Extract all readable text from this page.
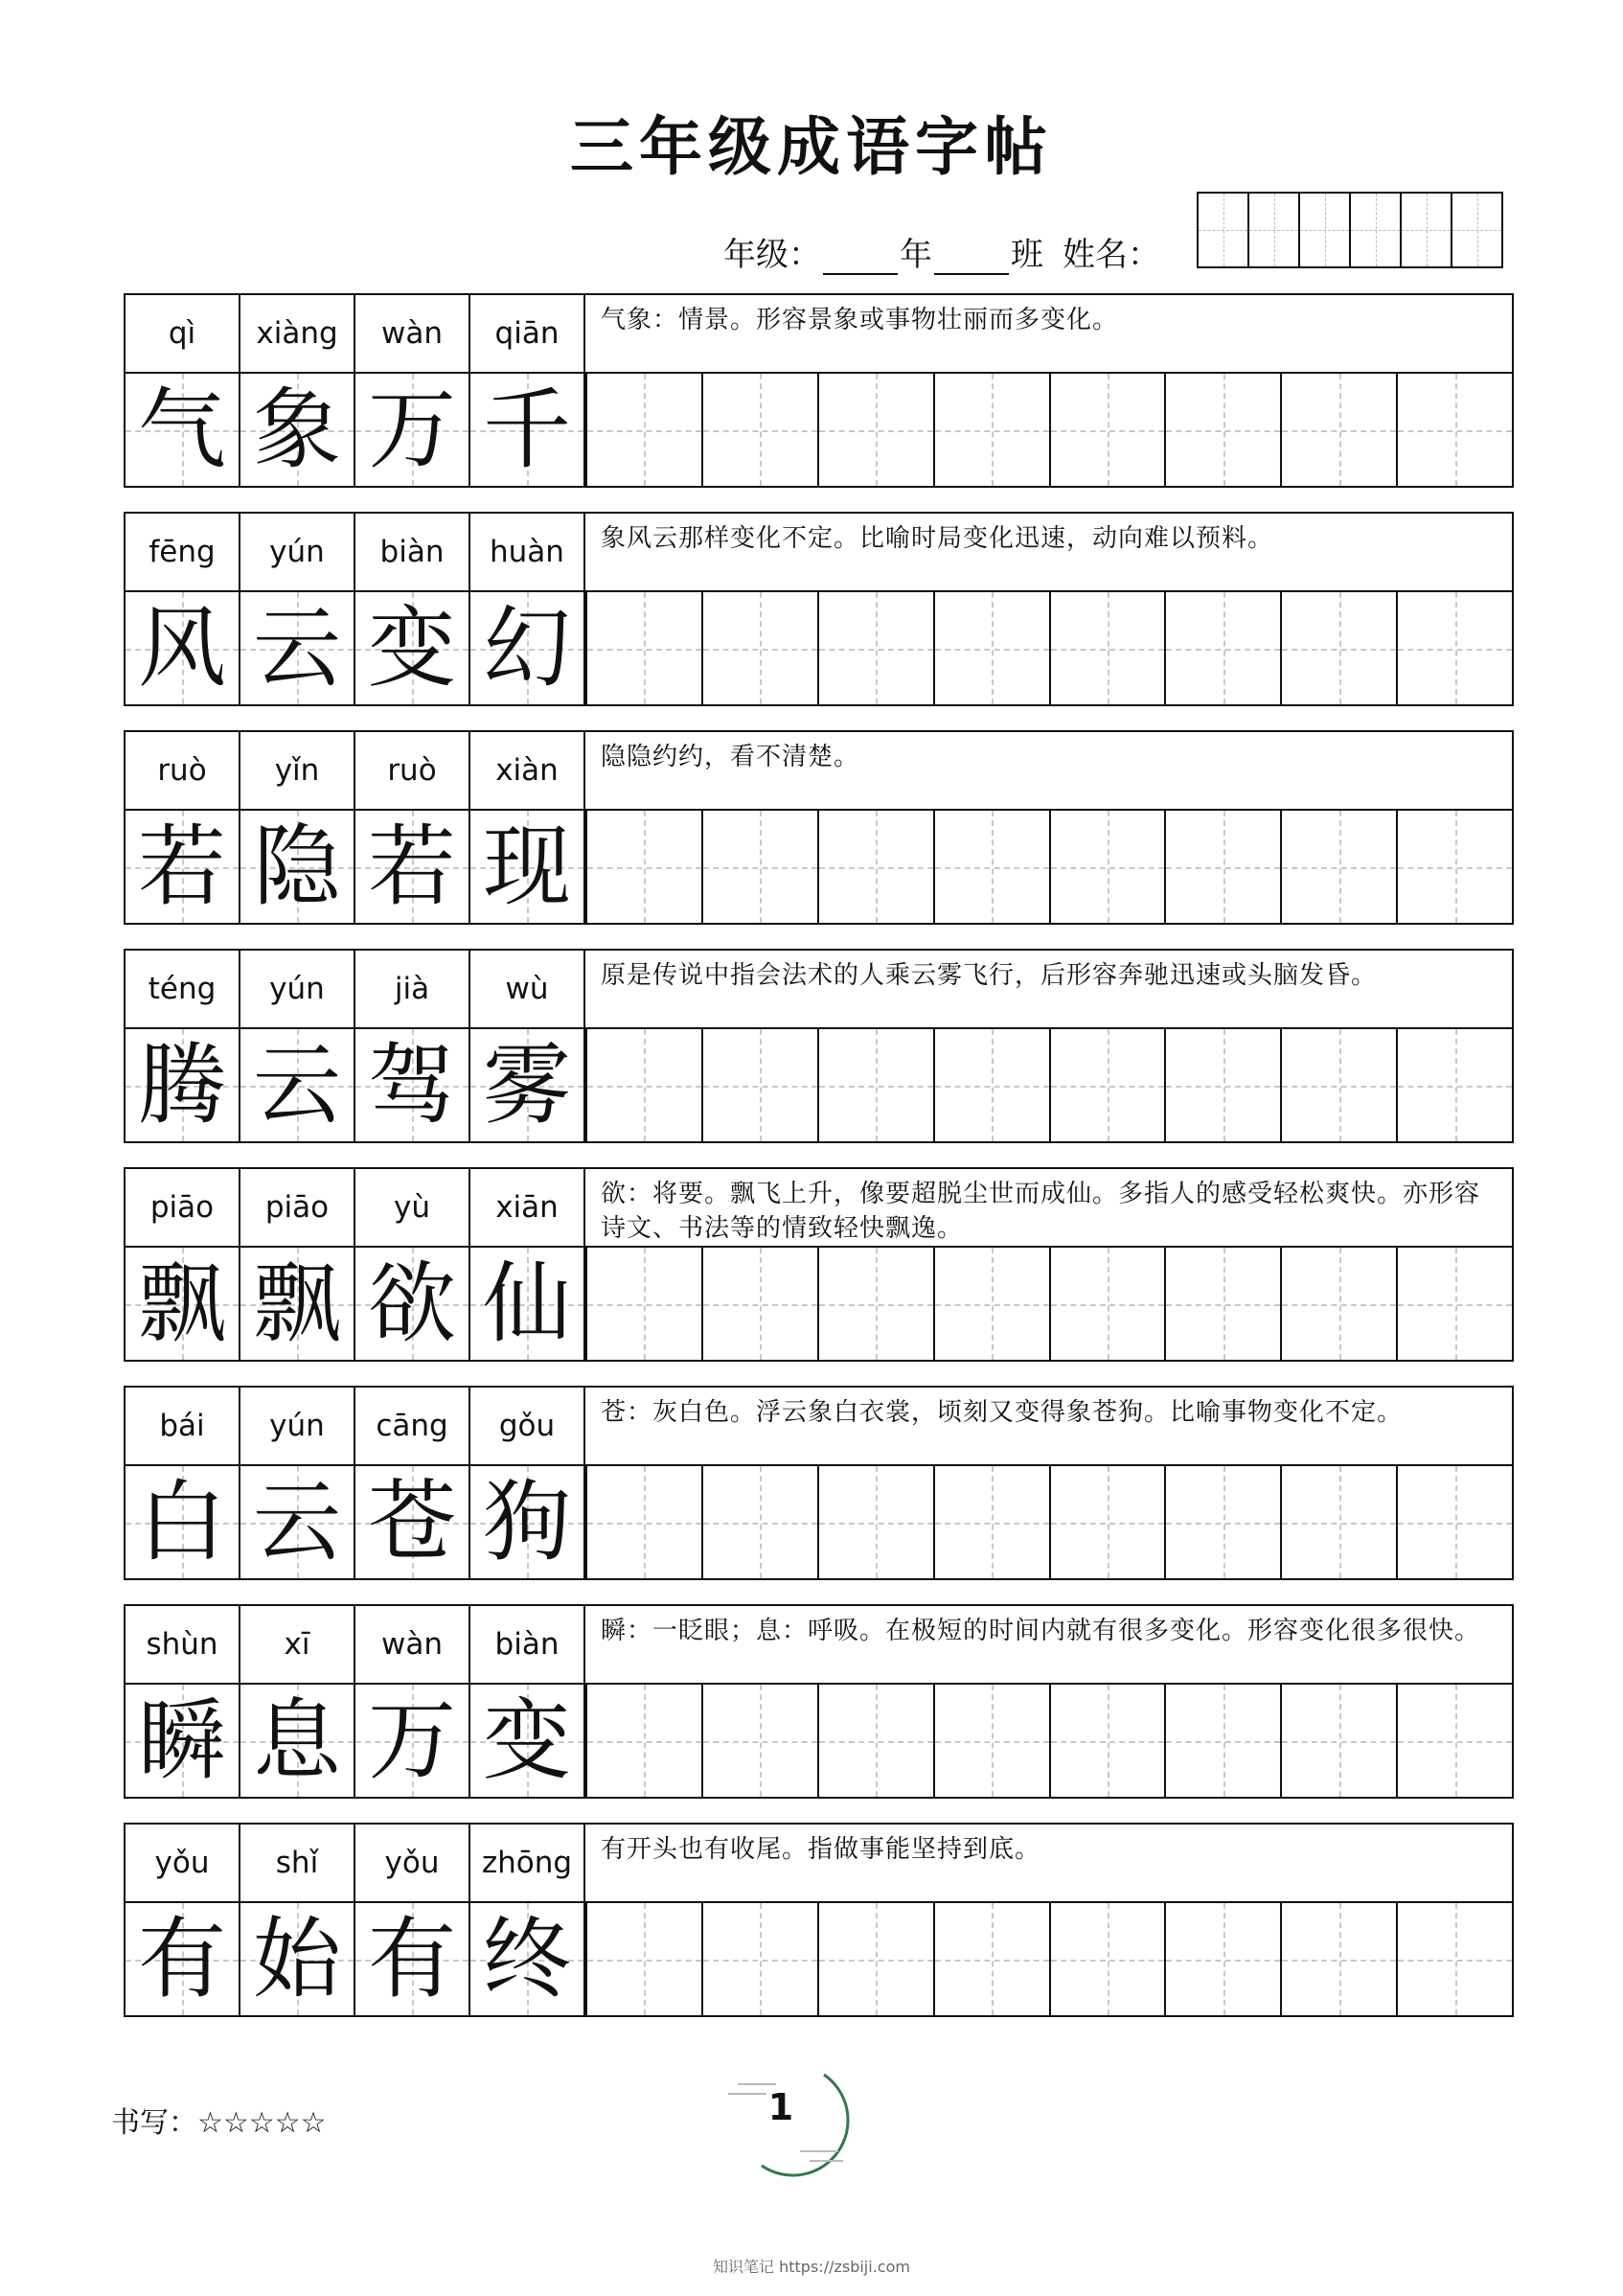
三年级成语字帖
年级： 年 班 姓名：
qì	xiàng	wàn	qiān	气象：情景。形容景象或事物壮丽而多变化。
气 象 万 千
fēng	yún	biàn	huàn	象风云那样变化不定。比喻时局变化迅速，动向难以预料。
风 云 变 幻
ruò	yǐn	ruò	xiàn	隐隐约约，看不清楚。
若 隐 若 现
téng	yún	jià	wù	原是传说中指会法术的人乘云雾飞行，后形容奔驰迅速或头脑发昏。
腾 云 驾 雾
piāo	piāo	yù	xiān	欲：将要。飘飞上升，像要超脱尘世而成仙。多指人的感受轻松爽快。亦形容诗文、书法等的情致轻快飘逸。
飘 飘 欲 仙
bái	yún	cāng	gǒu	苍：灰白色。浮云象白衣裳，顷刻又变得象苍狗。比喻事物变化不定。
白 云 苍 狗
shùn	xī	wàn	biàn	瞬：一眨眼；息：呼吸。在极短的时间内就有很多变化。形容变化很多很快。
瞬 息 万 变
yǒu	shǐ	yǒu	zhōng	有开头也有收尾。指做事能坚持到底。
有 始 有 终
书写：☆☆☆☆☆	1
知识笔记 https://zsbiji.com
